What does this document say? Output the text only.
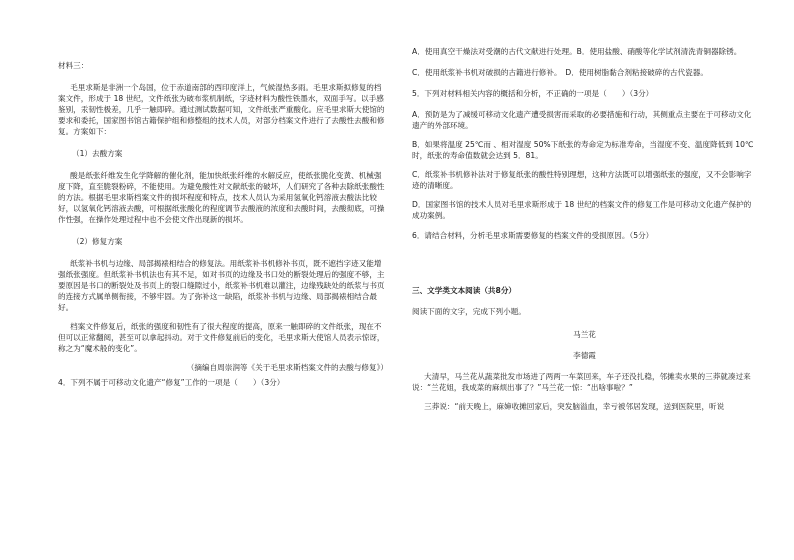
材料三：

毛里求斯是非洲一个岛国，位于赤道南部的西印度洋上，气候湿热多雨。毛里求斯拟修复的档案文件，形成于 18 世纪，文件纸张为破布浆机制纸，字迹材料为酸性铁墨水，双面手写。以手感鉴别，汞韧性极差，几乎一触即碎。通过测试数据可知，文件纸张严重酸化。应毛里求斯大使馆的要求和委托，国家图书馆古籍保护组和修整组的技术人员，对部分档案文件进行了去酸性去酸和修复。方案如下：

（1）去酸方案

酸是纸张纤维发生化学降解的催化剂，能加快纸张纤维的水解反应，使纸张脆化变黄、机械强度下降，直至脆裂粉碎，不能使用。为避免酸性对文献纸张的破坏，人们研究了各种去除纸张酸性的方法。根据毛里求斯档案文件的损坏程度和特点，技术人员认为采用氢氧化钙溶液去酸法比较好，以氢氧化钙溶液去酸，可根据纸张酸化的程度调节去酸液的浓度和去酸时间，去酸彻底，可操作性强，在操作处理过程中也不会使文件出现新的损坏。

（2）修复方案

纸浆补书机与边缘、局部揭裱相结合的修复法。用纸浆补书机修补书页，既不遮挡字迹又能增强纸张强度。但纸浆补书机法也有其不足，如对书页的边缘及书口处的断裂处理后的强度不够，主要原因是书口的断裂处及书页上的裂口缝隙过小，纸浆补书机难以灌注，边缘残缺处的纸浆与书页的连接方式属单侧衔接，不够牢固。为了弥补这一缺陷，纸浆补书机与边缘、局部揭裱相结合最好。

档案文件修复后，纸张的强度和韧性有了很大程度的提高，原来一触即碎的文件纸张，现在不但可以正常翻阅，甚至可以拿起抖动。对于文件修复前后的变化，毛里求斯大使馆人员表示惊讶，称之为“魔术般的变化”。

（摘编自周崇润等《关于毛里求斯档案文件的去酸与修复》）

4．下列不属于可移动文化遗产“修复”工作的一项是（　　）（3分）

A．使用真空干燥法对受潮的古代文献进行处理。B．使用盐酸、硝酸等化学试剂清洗青铜器除锈。

C．使用纸浆补书机对破损的古籍进行修补。　D．使用树脂黏合剂粘接破碎的古代瓷器。

5．下列对材料相关内容的概括和分析，不正确的一项是（　　）（3分）

A．预防是为了减缓可移动文化遗产遭受损害而采取的必要措施和行动，其侧重点主要在于可移动文化遗产的外部环境。

B．如果将温度 25℃而 、相对湿度 50%下纸张的寿命定为标准寿命，当湿度不变、温度降低到 10℃时，纸张的寿命值数就会达到 5．81。

C．纸浆补书机修补法对于修复纸张的酸性特别理想，这种方法既可以增强纸张的强度，又不会影响字迹的清晰度。

D．国家图书馆的技术人员对毛里求斯形成于 18 世纪的档案文件的修复工作是可移动文化遗产保护的成功案例。

6．请结合材料，分析毛里求斯需要修复的档案文件的受损原因。（5分）

三、文学类文本阅读（共8分）

阅读下面的文字，完成下列小题。

马兰花

李德霞

大清早，马兰花从蔬菜批发市场进了两两一车菜回来，车子还没扎稳，邻摊卖水果的三莽就凑过来说：“兰花姐，我成菜的麻烦出事了？”马兰花一惊：“出啥事啦？”

三莽说：“前天晚上，麻婶收摊回家后，突发脑溢血，幸亏被邻居发现，送到医院里，听说
